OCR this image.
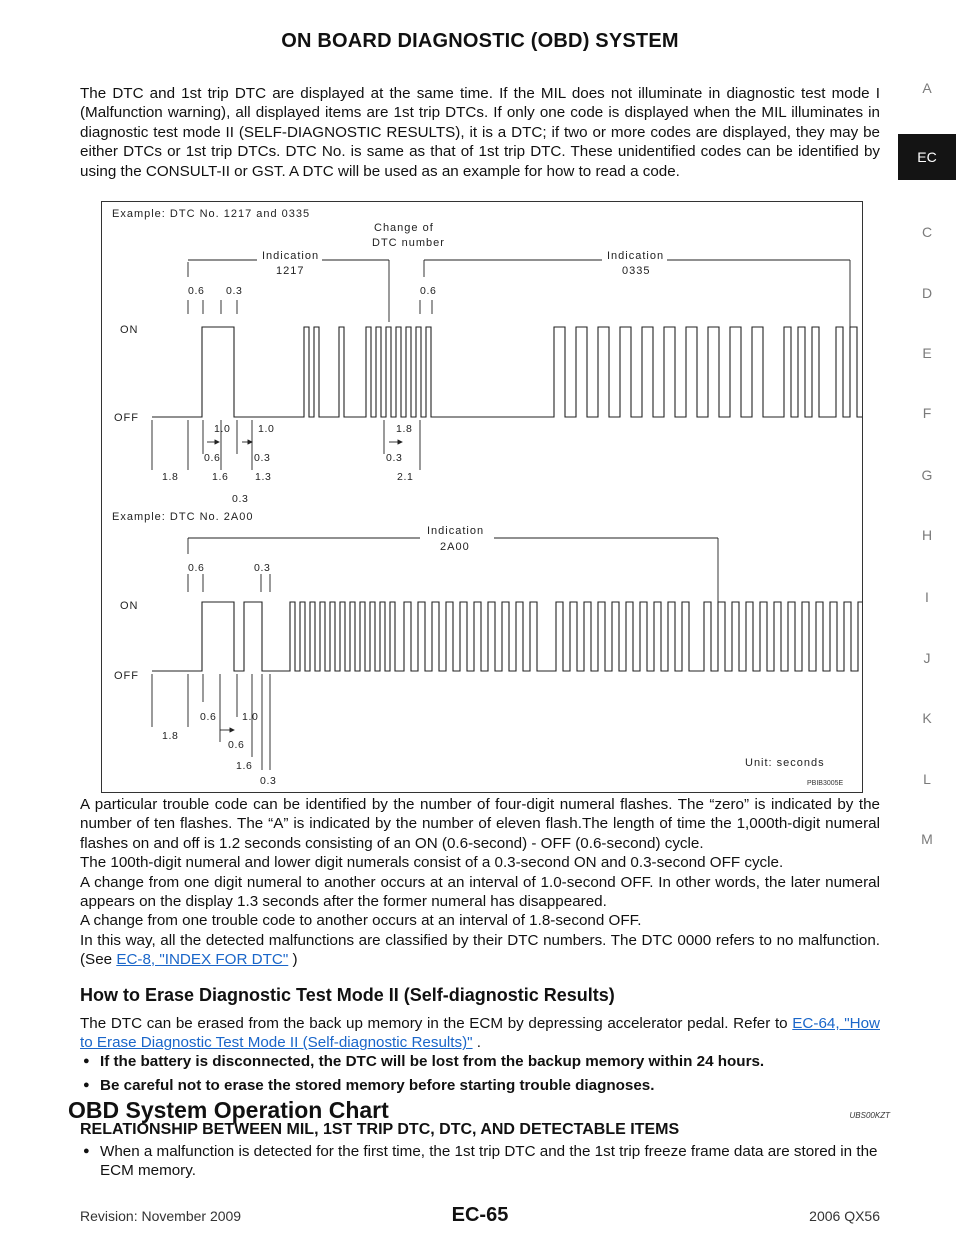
ON BOARD DIAGNOSTIC (OBD) SYSTEM
A
EC
C
D
E
F
G
H
I
J
K
L
M

The DTC and 1st trip DTC are displayed at the same time. If the MIL does not illuminate in diagnostic test mode I (Malfunction warning), all displayed items are 1st trip DTCs. If only one code is displayed when the MIL illuminates in diagnostic test mode II (SELF-DIAGNOSTIC RESULTS), it is a DTC; if two or more codes are displayed, they may be either DTCs or 1st trip DTCs. DTC No. is same as that of 1st trip DTC. These unidentified codes can be identified by using the CONSULT-II or GST. A DTC will be used as an example for how to read a code.

Example: DTC No. 1217 and 0335
Change of
DTC number
Indication
1217
Indication
0335
ON
OFF
Example: DTC No. 2A00
Indication
2A00
ON
OFF
Unit: seconds
PBIB3005E
0.6 0.3	0.6
1.0	1.0	1.8
0.6	0.3	0.3
1.8	1.6	1.3	2.1
0.3
0.6	0.3
0.6 1.0
1.8
0.6
1.6
0.3

A particular trouble code can be identified by the number of four-digit numeral flashes. The “zero” is indicated by the number of ten flashes. The “A” is indicated by the number of eleven flash.The length of time the 1,000th-digit numeral flashes on and off is 1.2 seconds consisting of an ON (0.6-second) - OFF (0.6-second) cycle.

The 100th-digit numeral and lower digit numerals consist of a 0.3-second ON and 0.3-second OFF cycle.

A change from one digit numeral to another occurs at an interval of 1.0-second OFF. In other words, the later numeral appears on the display 1.3 seconds after the former numeral has disappeared.

A change from one trouble code to another occurs at an interval of 1.8-second OFF.

In this way, all the detected malfunctions are classified by their DTC numbers. The DTC 0000 refers to no malfunction. (See EC-8, "INDEX FOR DTC" )

How to Erase Diagnostic Test Mode II (Self-diagnostic Results)

The DTC can be erased from the back up memory in the ECM by depressing accelerator pedal. Refer to EC-64, "How to Erase Diagnostic Test Mode II (Self-diagnostic Results)" .

● If the battery is disconnected, the DTC will be lost from the backup memory within 24 hours.
● Be careful not to erase the stored memory before starting trouble diagnoses.
OBD System Operation Chart	UBS00KZT
RELATIONSHIP BETWEEN MIL, 1ST TRIP DTC, DTC, AND DETECTABLE ITEMS
● When a malfunction is detected for the first time, the 1st trip DTC and the 1st trip freeze frame data are stored in the ECM memory.
Revision: November 2009	EC-65	2006 QX56
